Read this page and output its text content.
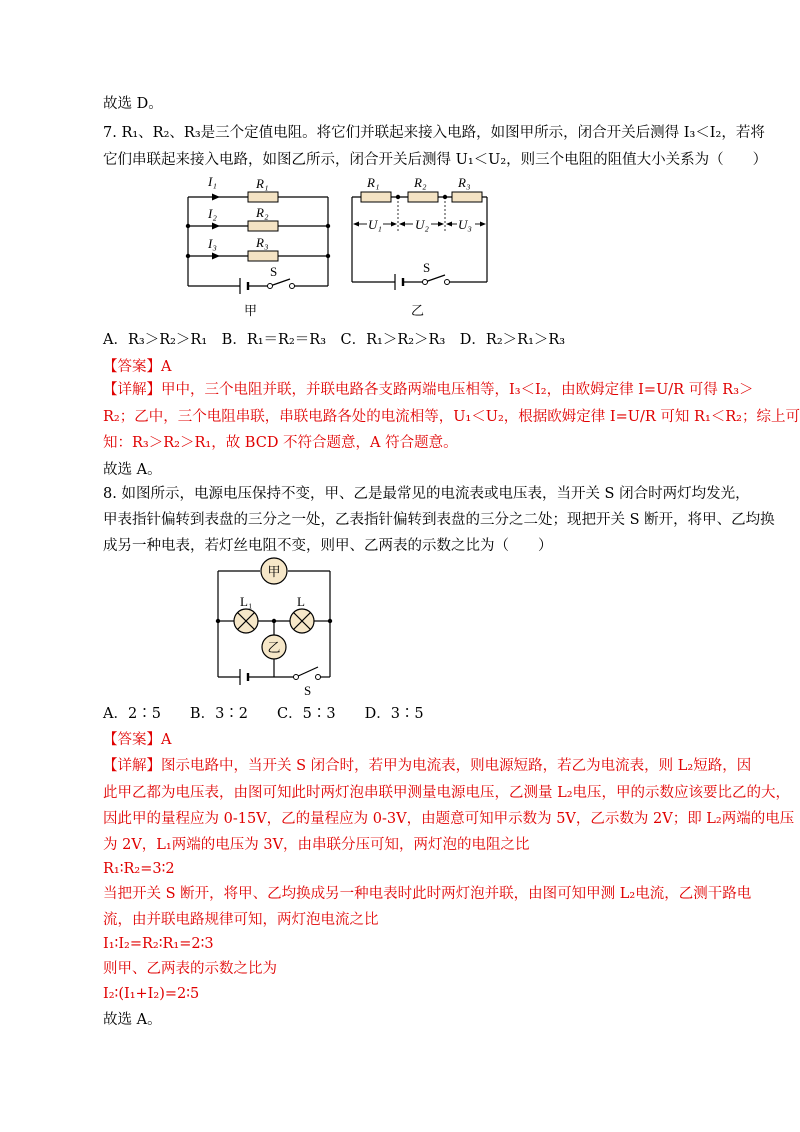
故选 D。
7. R₁、R₂、R₃是三个定值电阻。将它们并联起来接入电路，如图甲所示，闭合开关后测得 I₃＜I₂，若将
它们串联起来接入电路，如图乙所示，闭合开关后测得 U₁＜U₂，则三个电阻的阻值大小关系为（　　）
I₁
I₂
I₃
R₁
R₂
R₃
S
甲
R₁	R₂ R₃
U₁	U₂ U₃
S
乙
A．R₃＞R₂＞R₁　B．R₁＝R₂＝R₃　C．R₁＞R₂＞R₃　D．R₂＞R₁＞R₃
【答案】A
【详解】甲中，三个电阻并联，并联电路各支路两端电压相等，I₃＜I₂，由欧姆定律 I=U/R 可得 R₃＞
R₂；乙中，三个电阻串联，串联电路各处的电流相等，U₁＜U₂，根据欧姆定律 I=U/R 可知 R₁＜R₂；综上可
知：R₃＞R₂＞R₁，故 BCD 不符合题意，A 符合题意。
故选 A。
8. 如图所示，电源电压保持不变，甲、乙是最常见的电流表或电压表，当开关 S 闭合时两灯均发光，
甲表指针偏转到表盘的三分之一处，乙表指针偏转到表盘的三分之二处；现把开关 S 断开，将甲、乙均换
成另一种电表，若灯丝电阻不变，则甲、乙两表的示数之比为（　　）
甲
乙
L₁	L
S
A．2∶5　　B．3∶2　　C．5∶3　　D．3∶5
【答案】A
【详解】图示电路中，当开关 S 闭合时，若甲为电流表，则电源短路，若乙为电流表，则 L₂短路，因
此甲乙都为电压表，由图可知此时两灯泡串联甲测量电源电压，乙测量 L₂电压，甲的示数应该要比乙的大，
因此甲的量程应为 0-15V，乙的量程应为 0-3V，由题意可知甲示数为 5V，乙示数为 2V；即 L₂两端的电压
为 2V，L₁两端的电压为 3V，由串联分压可知，两灯泡的电阻之比
R₁∶R₂=3∶2
当把开关 S 断开，将甲、乙均换成另一种电表时此时两灯泡并联，由图可知甲测 L₂电流，乙测干路电
流，由并联电路规律可知，两灯泡电流之比
I₁∶I₂=R₂∶R₁=2∶3
则甲、乙两表的示数之比为
I₂∶(I₁+I₂)=2∶5
故选 A。
